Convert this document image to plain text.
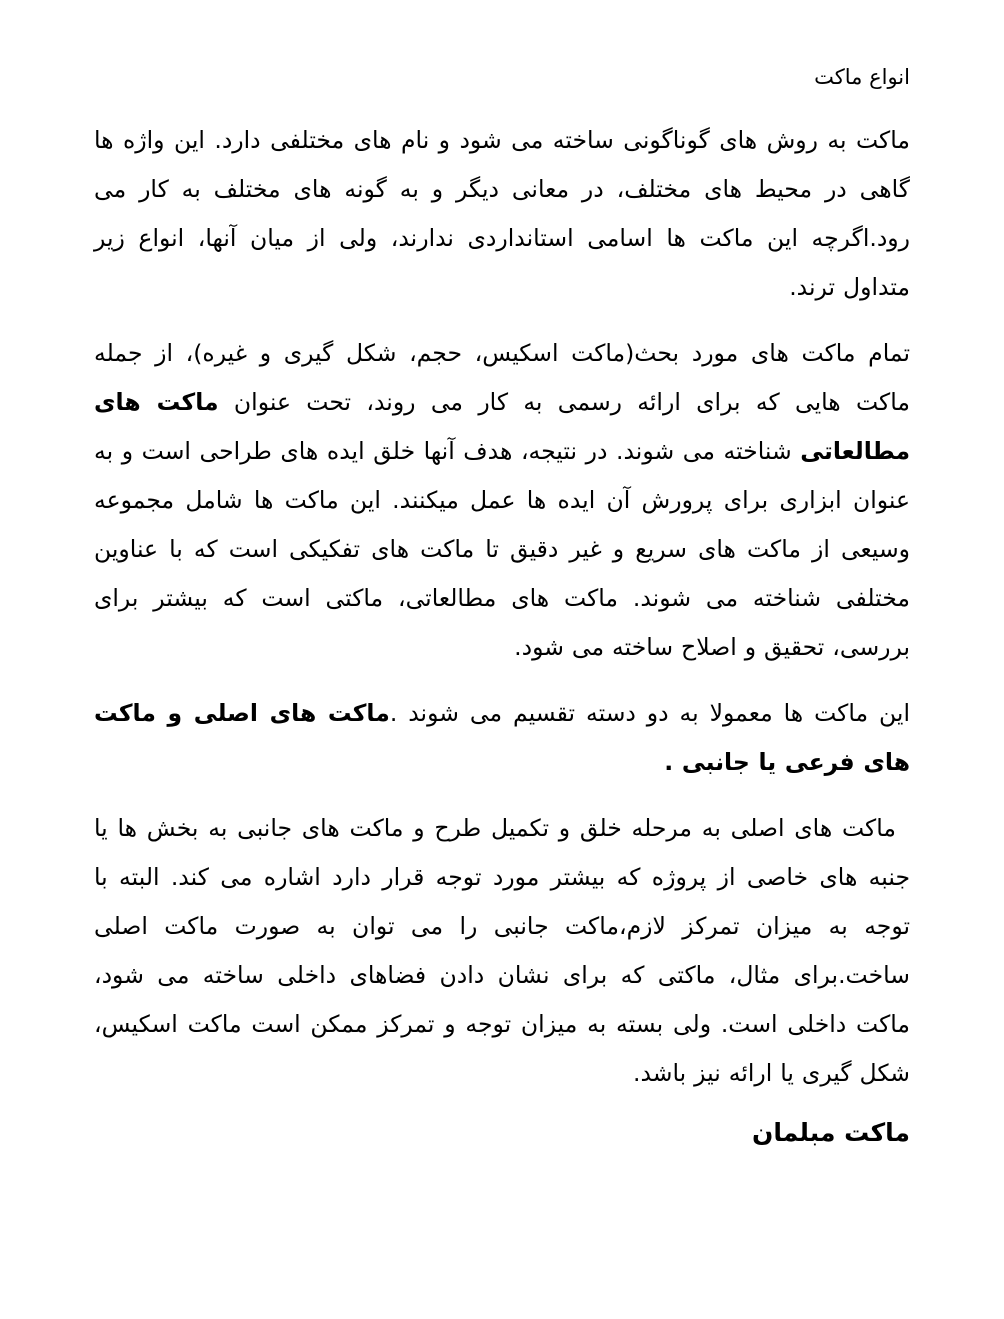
انواع ماکت

ماکت به روش های گوناگونی ساخته می شود و نام های مختلفی دارد. این واژه ها گاهی در محیط های مختلف، در معانی دیگر و به گونه های مختلف به کار می رود.اگرچه این ماکت ها اسامی استانداردی ندارند، ولی از میان آنها، انواع زیر متداول ترند.

تمام ماکت های مورد بحث(ماکت اسکیس، حجم، شکل گیری و غیره)، از جمله ماکت هایی که برای ارائه رسمی به کار می روند، تحت عنوان ماکت های مطالعاتی شناخته می شوند. در نتیجه، هدف آنها خلق ایده های طراحی است و به عنوان ابزاری برای پرورش آن ایده ها عمل میکنند. این ماکت ها شامل مجموعه وسیعی از ماکت های سریع و غیر دقیق تا ماکت های تفکیکی است که با عناوین مختلفی شناخته می شوند. ماکت های مطالعاتی، ماکتی است که بیشتر برای بررسی، تحقیق و اصلاح ساخته می شود.

این ماکت ها معمولا به دو دسته تقسیم می شوند .ماکت های اصلی و ماکت های فرعی یا جانبی .

ماکت های اصلی به مرحله خلق و تکمیل طرح و ماکت های جانبی به بخش ها یا جنبه های خاصی از پروژه که بیشتر مورد توجه قرار دارد اشاره می کند. البته با توجه به میزان تمرکز لازم،ماکت جانبی را می توان به صورت ماکت اصلی ساخت.برای مثال، ماکتی که برای نشان دادن فضاهای داخلی ساخته می شود، ماکت داخلی است. ولی بسته به میزان توجه و تمرکز ممکن است ماکت اسکیس، شکل گیری یا ارائه نیز باشد.

ماکت مبلمان
